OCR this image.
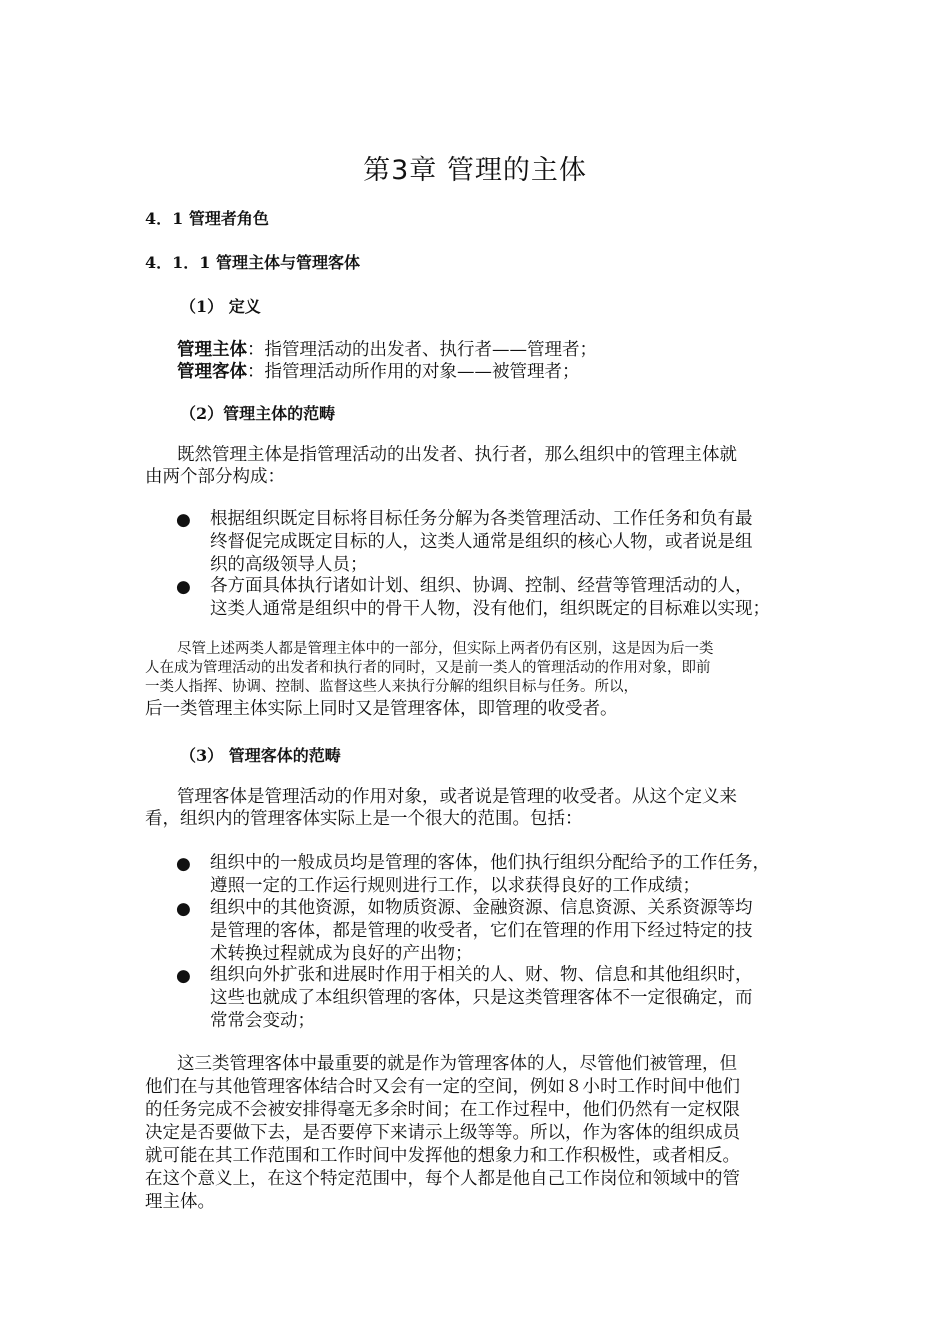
第3章 管理的主体
4．1 管理者角色
4．1．1 管理主体与管理客体
（1） 定义
管理主体：指管理活动的出发者、执行者——管理者；
管理客体：指管理活动所作用的对象——被管理者；
（2）管理主体的范畴
既然管理主体是指管理活动的出发者、执行者，那么组织中的管理主体就
由两个部分构成：
● 根据组织既定目标将目标任务分解为各类管理活动、工作任务和负有最
终督促完成既定目标的人，这类人通常是组织的核心人物，或者说是组
织的高级领导人员；
● 各方面具体执行诸如计划、组织、协调、控制、经营等管理活动的人，
这类人通常是组织中的骨干人物，没有他们，组织既定的目标难以实现；
尽管上述两类人都是管理主体中的一部分，但实际上两者仍有区别，这是因为后一类
人在成为管理活动的出发者和执行者的同时，又是前一类人的管理活动的作用对象，即前
一类人指挥、协调、控制、监督这些人来执行分解的组织目标与任务。所以，
后一类管理主体实际上同时又是管理客体，即管理的收受者。
（3） 管理客体的范畴
管理客体是管理活动的作用对象，或者说是管理的收受者。从这个定义来
看，组织内的管理客体实际上是一个很大的范围。包括：
● 组织中的一般成员均是管理的客体，他们执行组织分配给予的工作任务，
遵照一定的工作运行规则进行工作，以求获得良好的工作成绩；
● 组织中的其他资源，如物质资源、金融资源、信息资源、关系资源等均
是管理的客体，都是管理的收受者，它们在管理的作用下经过特定的技
术转换过程就成为良好的产出物；
● 组织向外扩张和进展时作用于相关的人、财、物、信息和其他组织时，
这些也就成了本组织管理的客体，只是这类管理客体不一定很确定，而
常常会变动；
这三类管理客体中最重要的就是作为管理客体的人，尽管他们被管理，但
他们在与其他管理客体结合时又会有一定的空间，例如８小时工作时间中他们
的任务完成不会被安排得毫无多余时间；在工作过程中，他们仍然有一定权限
决定是否要做下去，是否要停下来请示上级等等。所以，作为客体的组织成员
就可能在其工作范围和工作时间中发挥他的想象力和工作积极性，或者相反。
在这个意义上，在这个特定范围中，每个人都是他自己工作岗位和领域中的管
理主体。
